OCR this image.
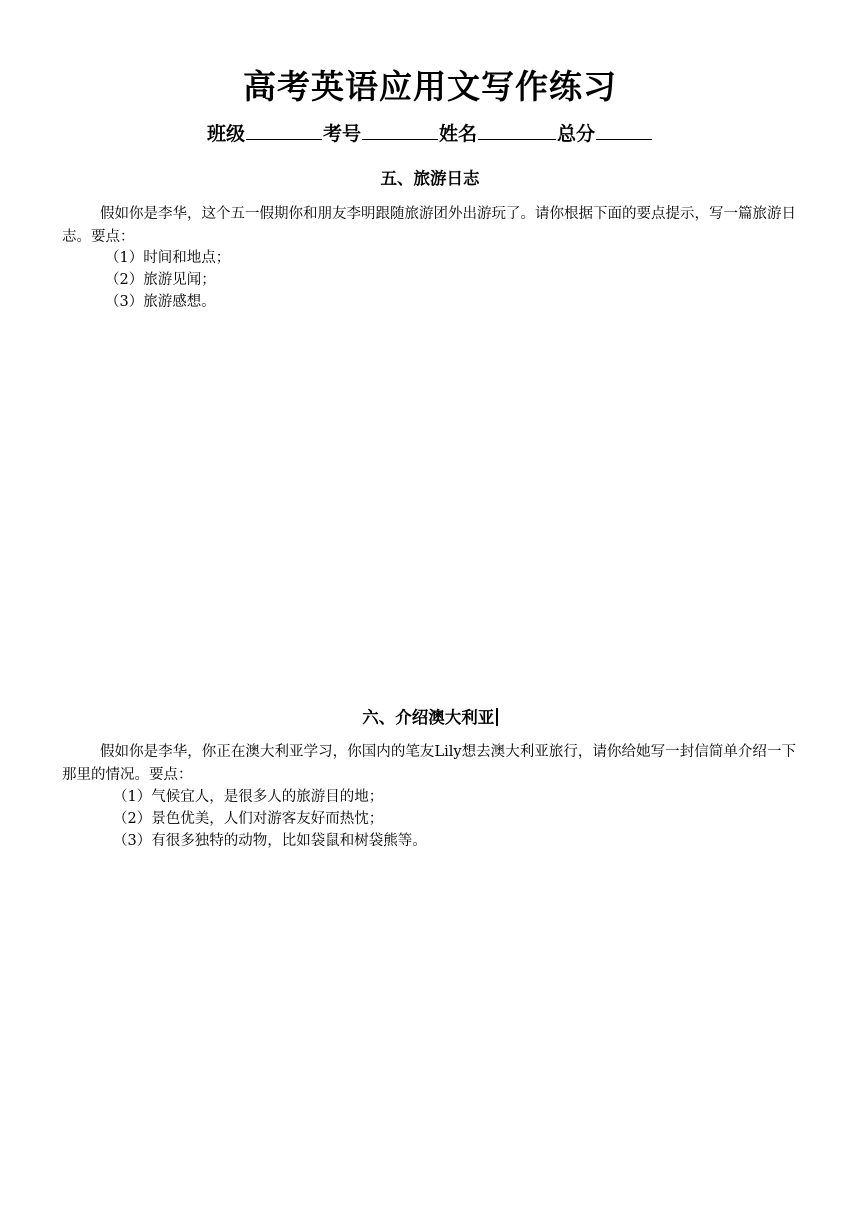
高考英语应用文写作练习
班级	考号	姓名	总分
五、旅游日志
假如你是李华，这个五一假期你和朋友李明跟随旅游团外出游玩了。请你根据下面的要点提示，写一篇旅游日志。要点：
（1）时间和地点；
（2）旅游见闻；
（3）旅游感想。
六、介绍澳大利亚
假如你是李华，你正在澳大利亚学习，你国内的笔友Lily想去澳大利亚旅行，请你给她写一封信简单介绍一下那里的情况。要点：
（1）气候宜人，是很多人的旅游目的地；
（2）景色优美，人们对游客友好而热忱；
（3）有很多独特的动物，比如袋鼠和树袋熊等。
